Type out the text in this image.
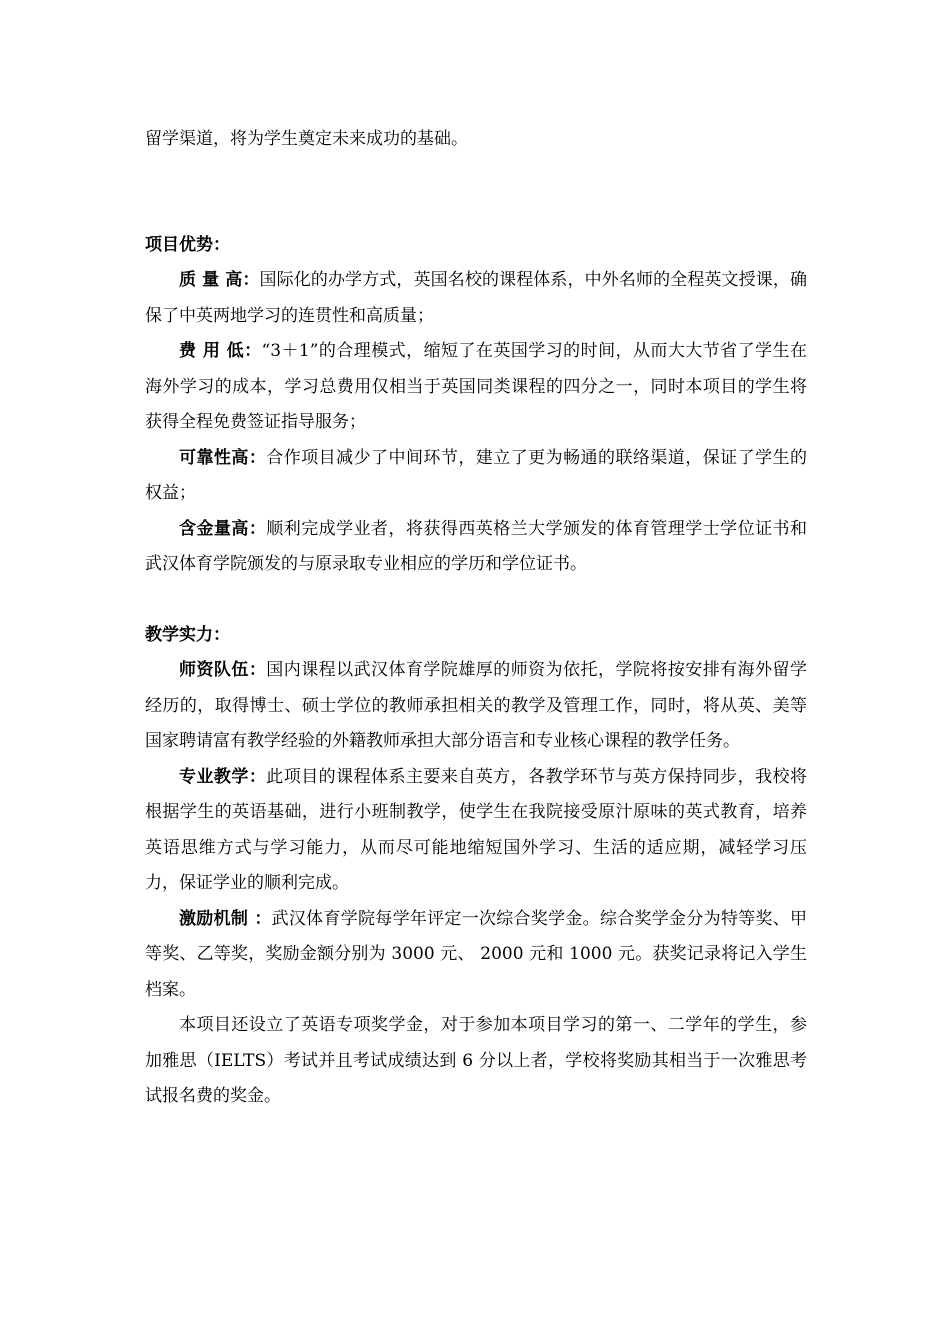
留学渠道，将为学生奠定未来成功的基础。

项目优势：

质 量 高：国际化的办学方式，英国名校的课程体系，中外名师的全程英文授课，确保了中英两地学习的连贯性和高质量；

费 用 低：“3＋1”的合理模式，缩短了在英国学习的时间，从而大大节省了学生在海外学习的成本，学习总费用仅相当于英国同类课程的四分之一，同时本项目的学生将获得全程免费签证指导服务；

可靠性高：合作项目减少了中间环节，建立了更为畅通的联络渠道，保证了学生的权益；

含金量高：顺利完成学业者，将获得西英格兰大学颁发的体育管理学士学位证书和武汉体育学院颁发的与原录取专业相应的学历和学位证书。

教学实力：

师资队伍：国内课程以武汉体育学院雄厚的师资为依托，学院将按安排有海外留学经历的，取得博士、硕士学位的教师承担相关的教学及管理工作，同时，将从英、美等国家聘请富有教学经验的外籍教师承担大部分语言和专业核心课程的教学任务。

专业教学：此项目的课程体系主要来自英方，各教学环节与英方保持同步，我校将根据学生的英语基础，进行小班制教学，使学生在我院接受原汁原味的英式教育，培养英语思维方式与学习能力，从而尽可能地缩短国外学习、生活的适应期，减轻学习压力，保证学业的顺利完成。

激励机制 ：武汉体育学院每学年评定一次综合奖学金。综合奖学金分为特等奖、甲等奖、乙等奖，奖励金额分别为 3000 元、 2000 元和 1000 元。获奖记录将记入学生档案。

本项目还设立了英语专项奖学金，对于参加本项目学习的第一、二学年的学生，参加雅思（IELTS）考试并且考试成绩达到 6 分以上者，学校将奖励其相当于一次雅思考试报名费的奖金。
